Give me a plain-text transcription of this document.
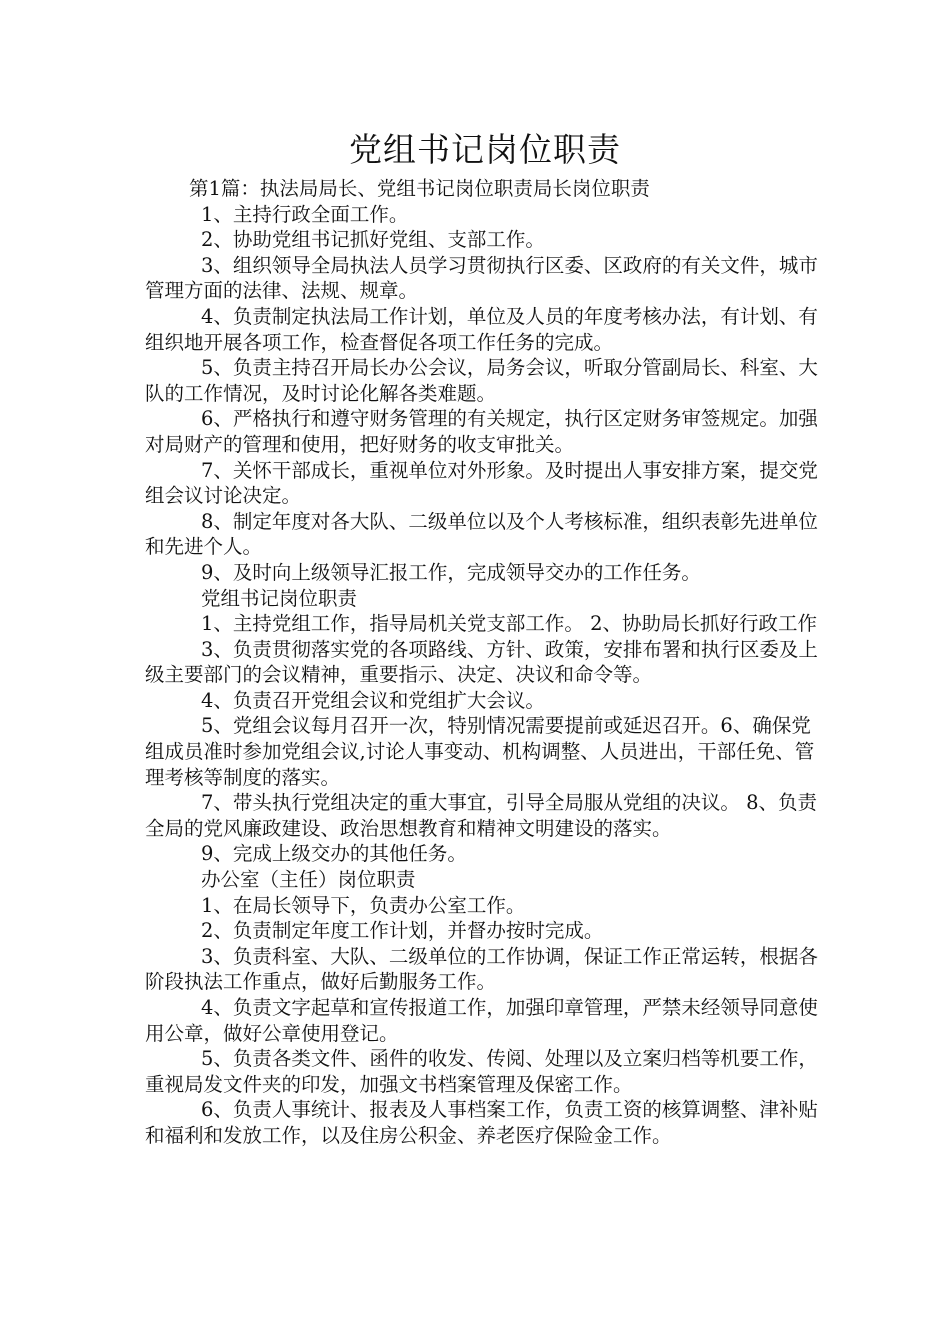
党组书记岗位职责

第1篇：执法局局长、党组书记岗位职责局长岗位职责

1、主持行政全面工作。

2、协助党组书记抓好党组、支部工作。

3、组织领导全局执法人员学习贯彻执行区委、区政府的有关文件，城市管理方面的法律、法规、规章。

4、负责制定执法局工作计划，单位及人员的年度考核办法，有计划、有组织地开展各项工作，检查督促各项工作任务的完成。

5、负责主持召开局长办公会议，局务会议，听取分管副局长、科室、大队的工作情况，及时讨论化解各类难题。

6、严格执行和遵守财务管理的有关规定，执行区定财务审签规定。加强对局财产的管理和使用，把好财务的收支审批关。

7、关怀干部成长，重视单位对外形象。及时提出人事安排方案，提交党组会议讨论决定。

8、制定年度对各大队、二级单位以及个人考核标准，组织表彰先进单位和先进个人。

9、及时向上级领导汇报工作，完成领导交办的工作任务。

党组书记岗位职责

1、主持党组工作，指导局机关党支部工作。 2、协助局长抓好行政工作

3、负责贯彻落实党的各项路线、方针、政策，安排布署和执行区委及上级主要部门的会议精神，重要指示、决定、决议和命令等。

4、负责召开党组会议和党组扩大会议。

5、党组会议每月召开一次，特别情况需要提前或延迟召开。6、确保党组成员准时参加党组会议,讨论人事变动、机构调整、人员进出，干部任免、管理考核等制度的落实。

7、带头执行党组决定的重大事宜，引导全局服从党组的决议。 8、负责全局的党风廉政建设、政治思想教育和精神文明建设的落实。

9、完成上级交办的其他任务。

办公室（主任）岗位职责

1、在局长领导下，负责办公室工作。

2、负责制定年度工作计划，并督办按时完成。

3、负责科室、大队、二级单位的工作协调，保证工作正常运转，根据各阶段执法工作重点，做好后勤服务工作。

4、负责文字起草和宣传报道工作，加强印章管理，严禁未经领导同意使用公章，做好公章使用登记。

5、负责各类文件、函件的收发、传阅、处理以及立案归档等机要工作，重视局发文件夹的印发，加强文书档案管理及保密工作。

6、负责人事统计、报表及人事档案工作，负责工资的核算调整、津补贴和福利和发放工作，以及住房公积金、养老医疗保险金工作。
